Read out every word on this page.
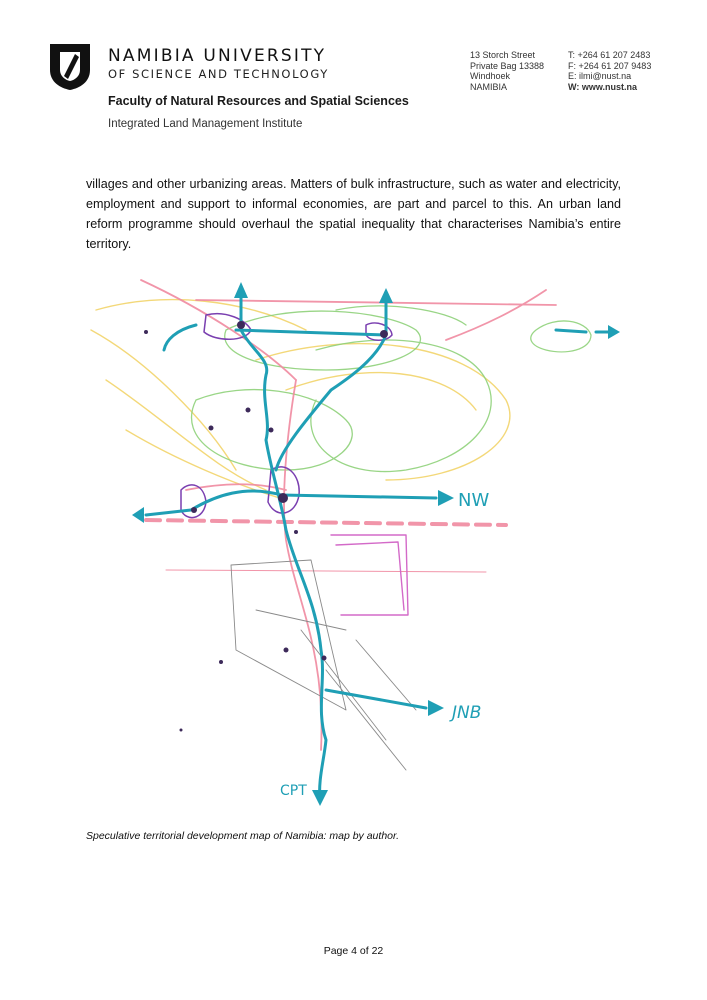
NAMIBIA UNIVERSITY
OF SCIENCE AND TECHNOLOGY
Faculty of Natural Resources and Spatial Sciences
Integrated Land Management Institute
13 Storch Street
Private Bag 13388
Windhoek
NAMIBIA
T: +264 61 207 2483
F: +264 61 207 9483
E: ilmi@nust.na
W: www.nust.na
villages and other urbanizing areas. Matters of bulk infrastructure, such as water and electricity, employment and support to informal economies, are part and parcel to this. An urban land reform programme should overhaul the spatial inequality that characterises Namibia’s entire territory.
NW
JNB
CPT
Speculative territorial development map of Namibia: map by author.
Page 4 of 22
